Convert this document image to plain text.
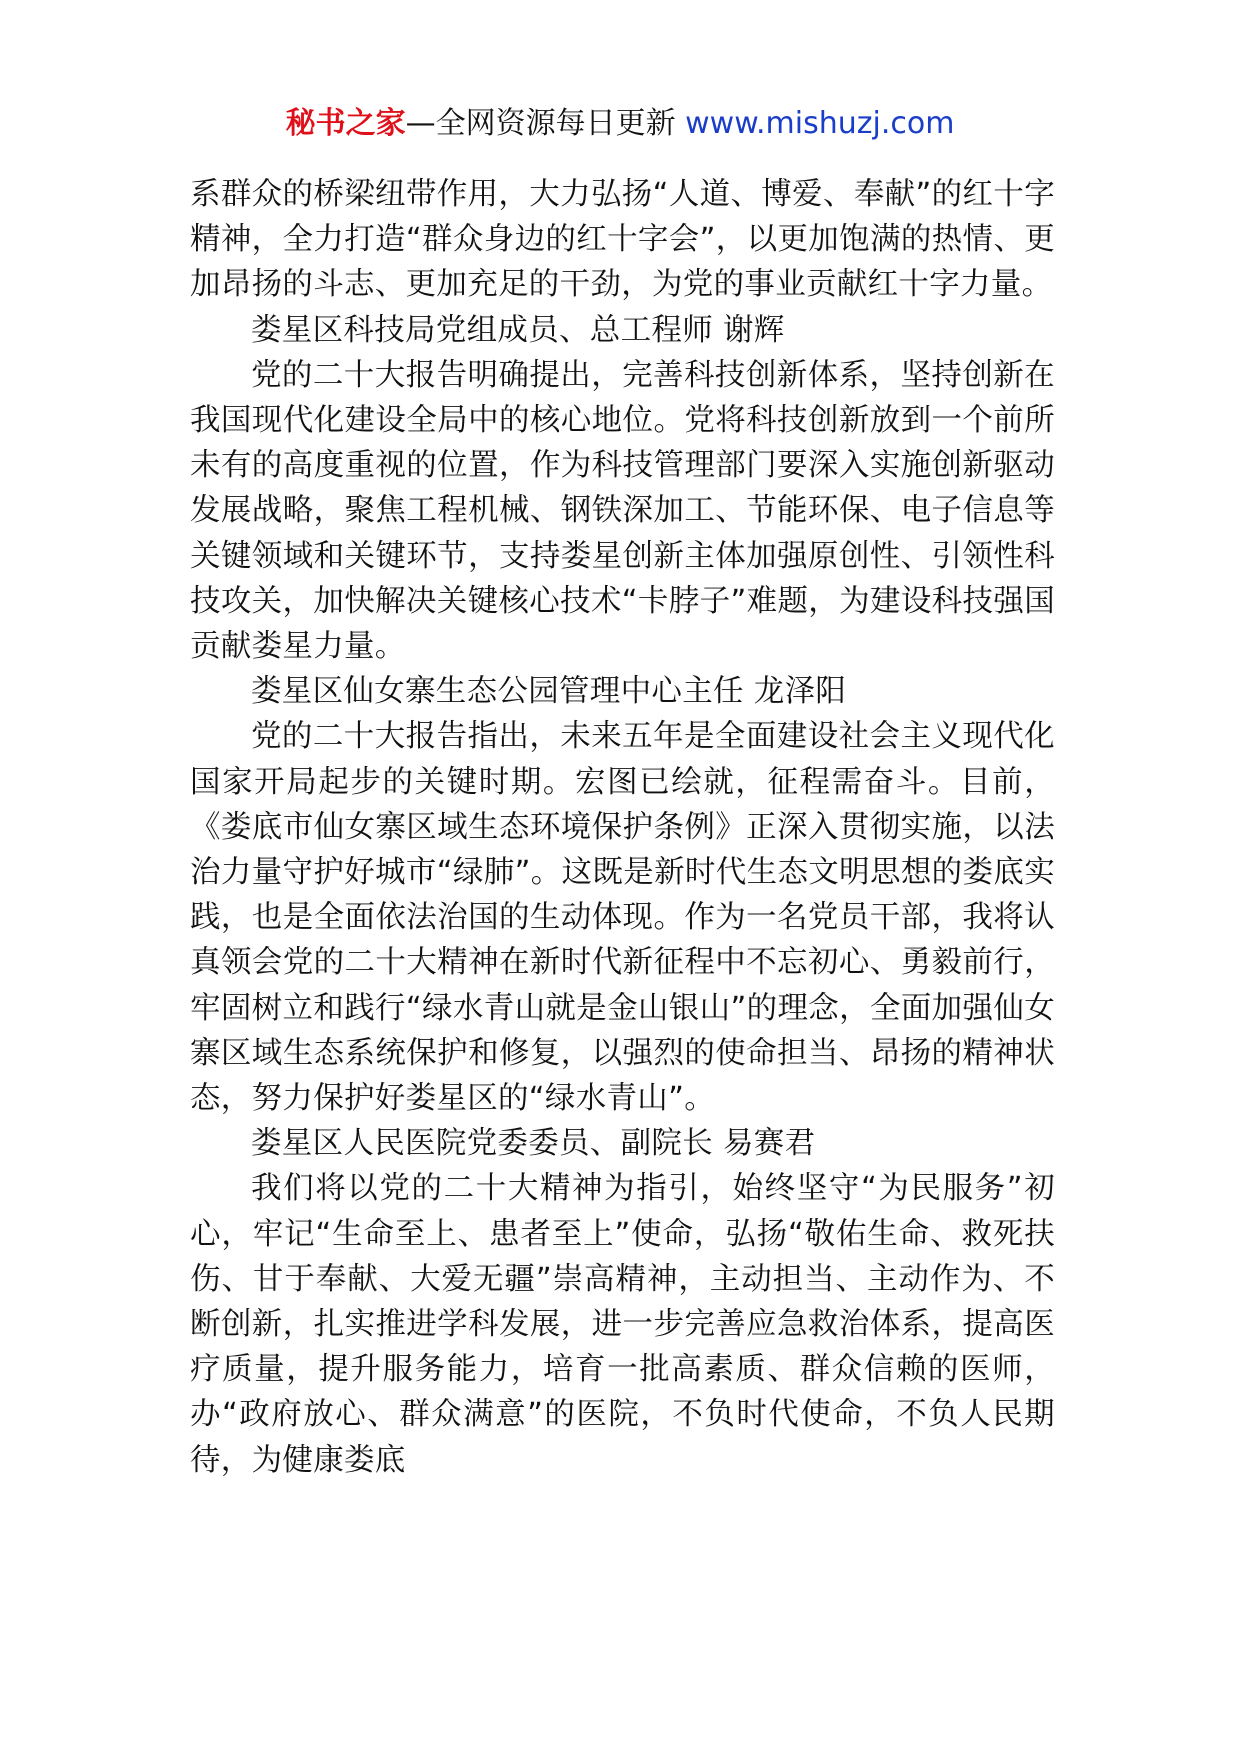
秘书之家—全网资源每日更新 www.mishuzj.com

系群众的桥梁纽带作用，大力弘扬“人道、博爱、奉献”的红十字精神，全力打造“群众身边的红十字会”，以更加饱满的热情、更加昂扬的斗志、更加充足的干劲，为党的事业贡献红十字力量。

娄星区科技局党组成员、总工程师 谢辉

党的二十大报告明确提出，完善科技创新体系，坚持创新在我国现代化建设全局中的核心地位。党将科技创新放到一个前所未有的高度重视的位置，作为科技管理部门要深入实施创新驱动发展战略，聚焦工程机械、钢铁深加工、节能环保、电子信息等关键领域和关键环节，支持娄星创新主体加强原创性、引领性科技攻关，加快解决关键核心技术“卡脖子”难题，为建设科技强国贡献娄星力量。

娄星区仙女寨生态公园管理中心主任 龙泽阳

党的二十大报告指出，未来五年是全面建设社会主义现代化国家开局起步的关键时期。宏图已绘就，征程需奋斗。目前，《娄底市仙女寨区域生态环境保护条例》正深入贯彻实施，以法治力量守护好城市“绿肺”。这既是新时代生态文明思想的娄底实践，也是全面依法治国的生动体现。作为一名党员干部，我将认真领会党的二十大精神在新时代新征程中不忘初心、勇毅前行，牢固树立和践行“绿水青山就是金山银山”的理念，全面加强仙女寨区域生态系统保护和修复，以强烈的使命担当、昂扬的精神状态，努力保护好娄星区的“绿水青山”。

娄星区人民医院党委委员、副院长 易赛君

我们将以党的二十大精神为指引，始终坚守“为民服务”初心，牢记“生命至上、患者至上”使命，弘扬“敬佑生命、救死扶伤、甘于奉献、大爱无疆”崇高精神，主动担当、主动作为、不断创新，扎实推进学科发展，进一步完善应急救治体系，提高医疗质量，提升服务能力，培育一批高素质、群众信赖的医师，办“政府放心、群众满意”的医院，不负时代使命，不负人民期待，为健康娄底
